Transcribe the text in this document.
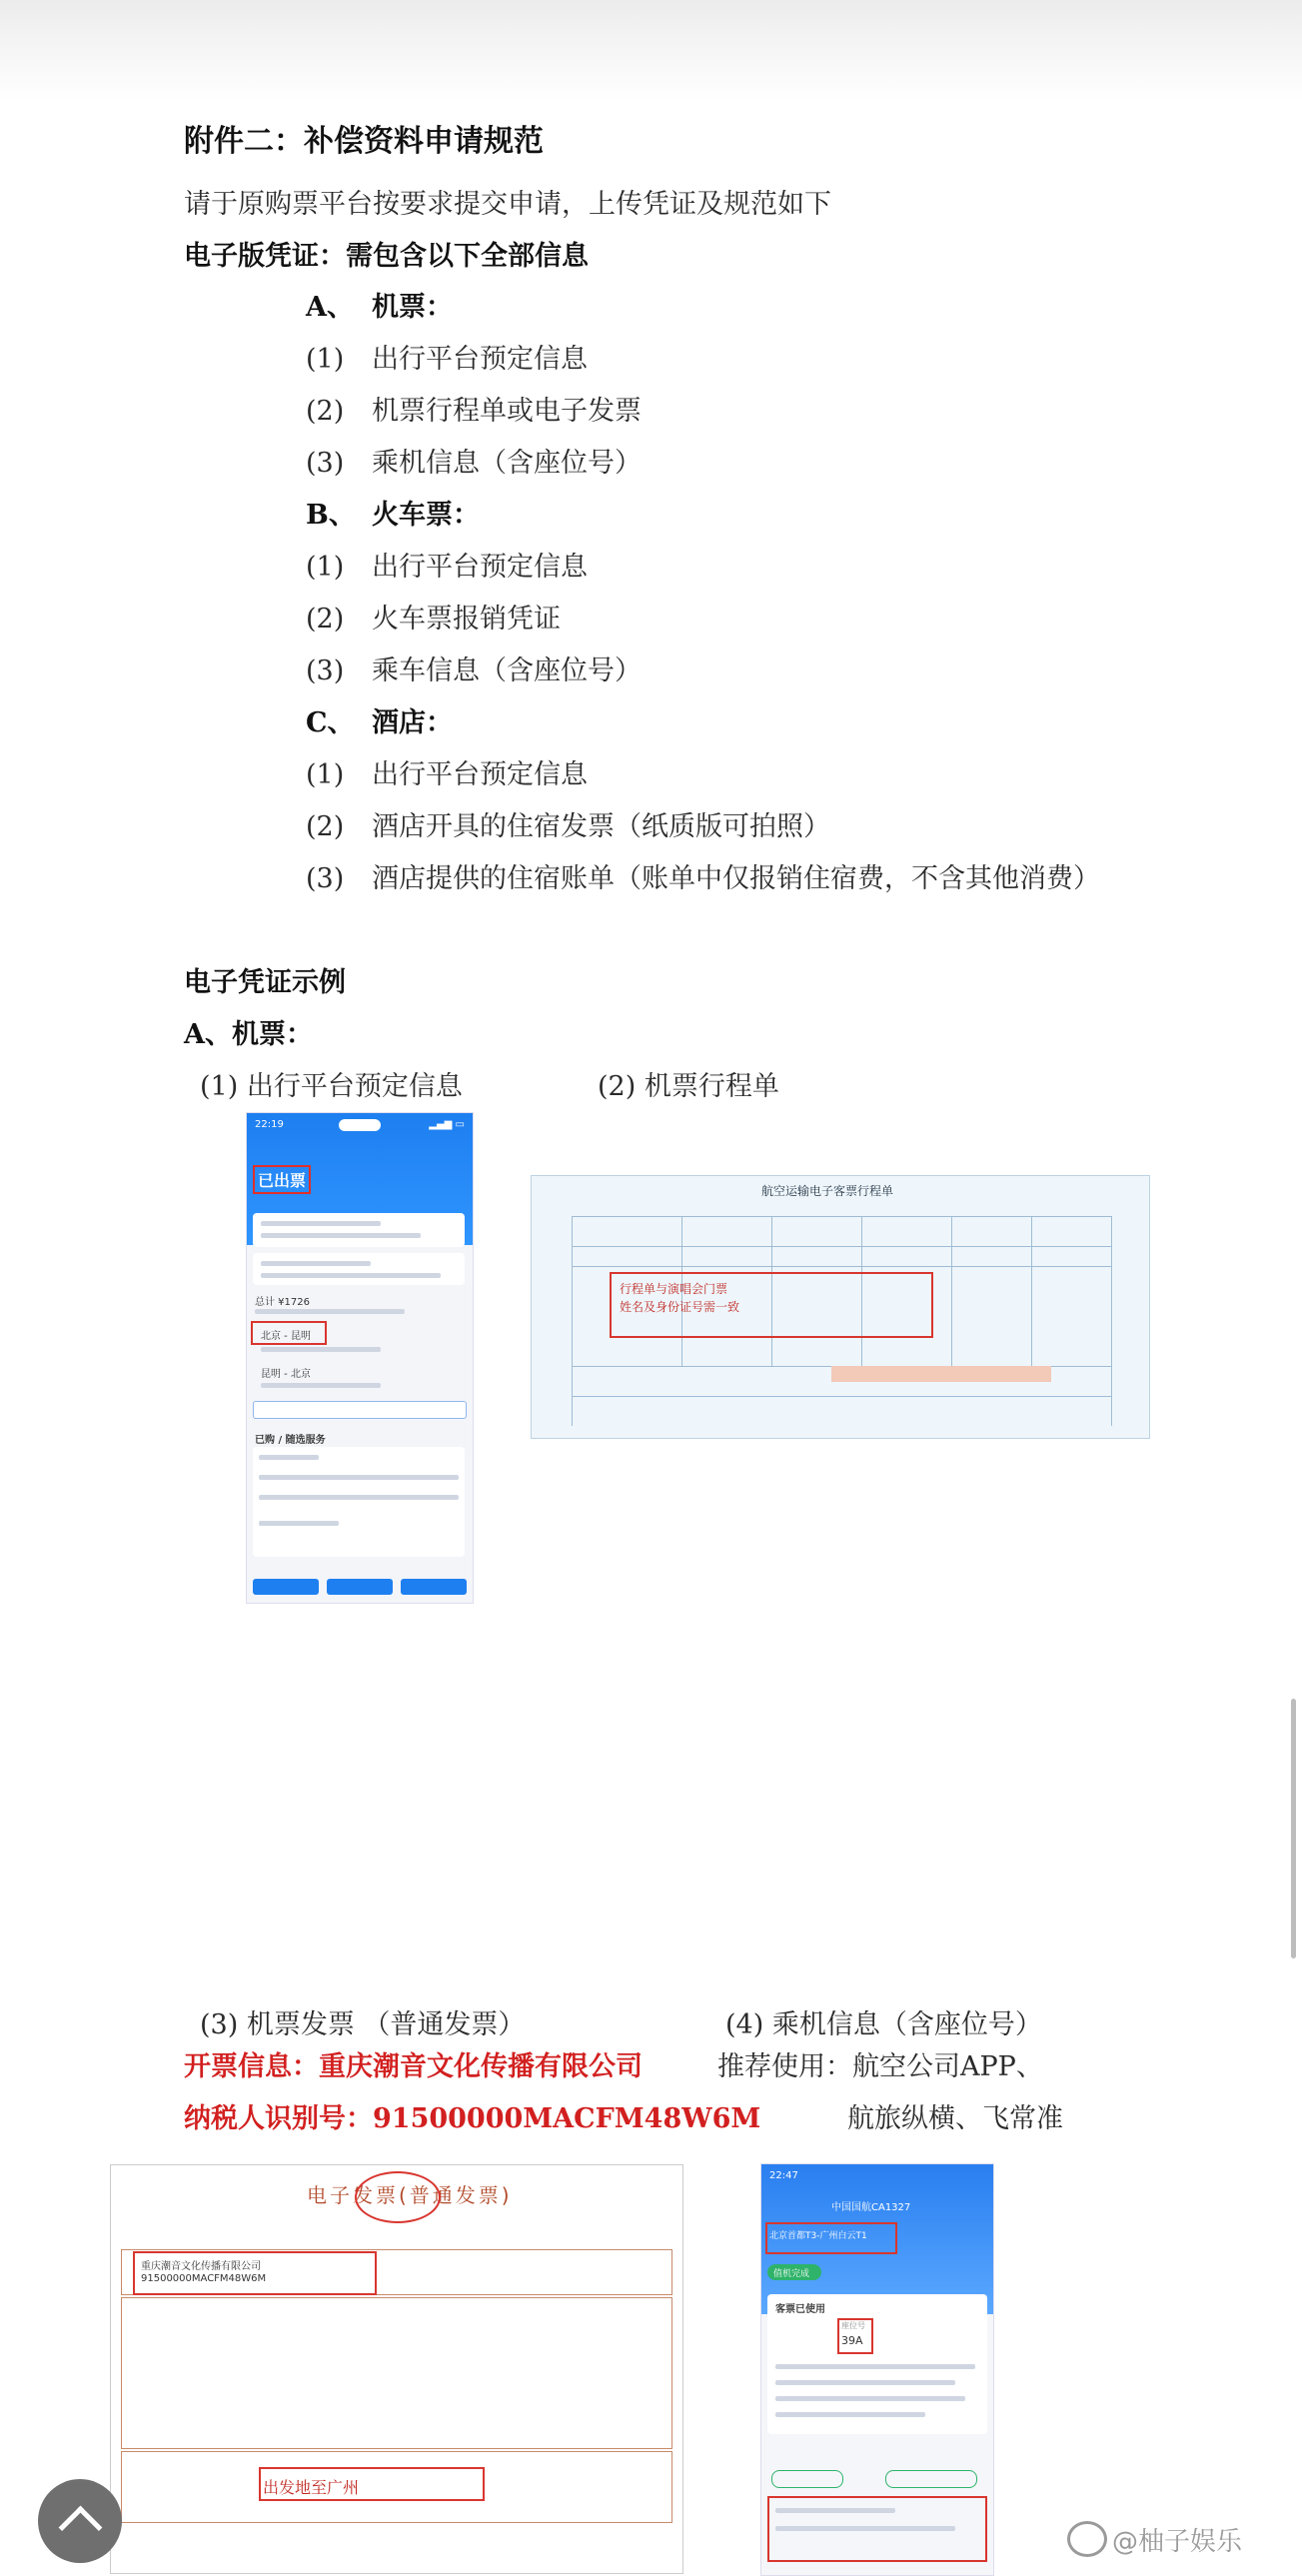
附件二：补偿资料申请规范
请于原购票平台按要求提交申请，上传凭证及规范如下
电子版凭证：需包含以下全部信息
A、 机票：
(1) 出行平台预定信息
(2) 机票行程单或电子发票
(3) 乘机信息（含座位号）
B、 火车票：
(1) 出行平台预定信息
(2) 火车票报销凭证
(3) 乘车信息（含座位号）
C、 酒店：
(1) 出行平台预定信息
(2) 酒店开具的住宿发票（纸质版可拍照）
(3) 酒店提供的住宿账单（账单中仅报销住宿费，不含其他消费）
电子凭证示例
A、机票：
(1) 出行平台预定信息	(2) 机票行程单
22:19	▂▄▆ ▭
已出票
总计 ¥1726
北京 - 昆明
昆明 - 北京
已购 / 随选服务
航空运输电子客票行程单
行程单与演唱会门票
姓名及身份证号需一致
(3) 机票发票 （普通发票）	(4) 乘机信息（含座位号）
开票信息：重庆潮音文化传播有限公司	推荐使用：航空公司APP、
纳税人识别号：91500000MACFM48W6M	航旅纵横、飞常准
电子发票(普通发票)
重庆潮音文化传播有限公司
91500000MACFM48W6M
出发地至广州
22:47
中国国航CA1327
北京首都T3-广州白云T1
值机完成
客票已使用
座位号
39A
@柚子娱乐
